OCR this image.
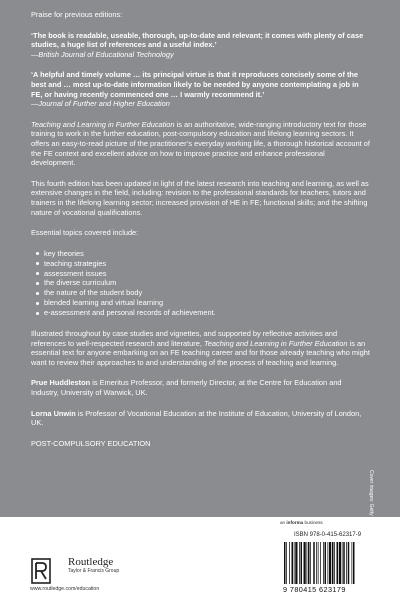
Praise for previous editions:

‘The book is readable, useable, thorough, up-to-date and relevant; it comes with plenty of case studies, a huge list of references and a useful index.’

—British Journal of Educational Technology

‘A helpful and timely volume … its principal virtue is that it reproduces concisely some of the best and … most up-to-date information likely to be needed by anyone contemplating a job in FE, or having recently commenced one … I warmly recommend it.’

—Journal of Further and Higher Education

Teaching and Learning in Further Education is an authoritative, wide-ranging introductory text for those training to work in the further education, post-compulsory education and lifelong learning sectors. It offers an easy-to-read picture of the practitioner’s everyday working life, a thorough historical account of the FE context and excellent advice on how to improve practice and enhance professional development.

This fourth edition has been updated in light of the latest research into teaching and learning, as well as extensive changes in the field, including: revision to the professional standards for teachers, tutors and trainers in the lifelong learning sector; increased provision of HE in FE; functional skills; and the shifting nature of vocational qualifications.

Essential topics covered include:

key theories
teaching strategies
assessment issues
the diverse curriculum
the nature of the student body
blended learning and virtual learning
e-assessment and personal records of achievement.

Illustrated throughout by case studies and vignettes, and supported by reflective activities and references to well-respected research and literature, Teaching and Learning in Further Education is an essential text for anyone embarking on an FE teaching career and for those already teaching who might want to review their approaches to and understanding of the process of teaching and learning.

Prue Huddleston is Emeritus Professor, and formerly Director, at the Centre for Education and Industry, University of Warwick, UK.

Lorna Unwin is Professor of Vocational Education at the Institute of Education, University of London, UK.

POST-COMPULSORY EDUCATION

Cover images: Getty
an informa business
ISBN 978-0-415-62317-9
9 780415 623179
Routledge
Taylor & Francis Group
www.routledge.com/education
